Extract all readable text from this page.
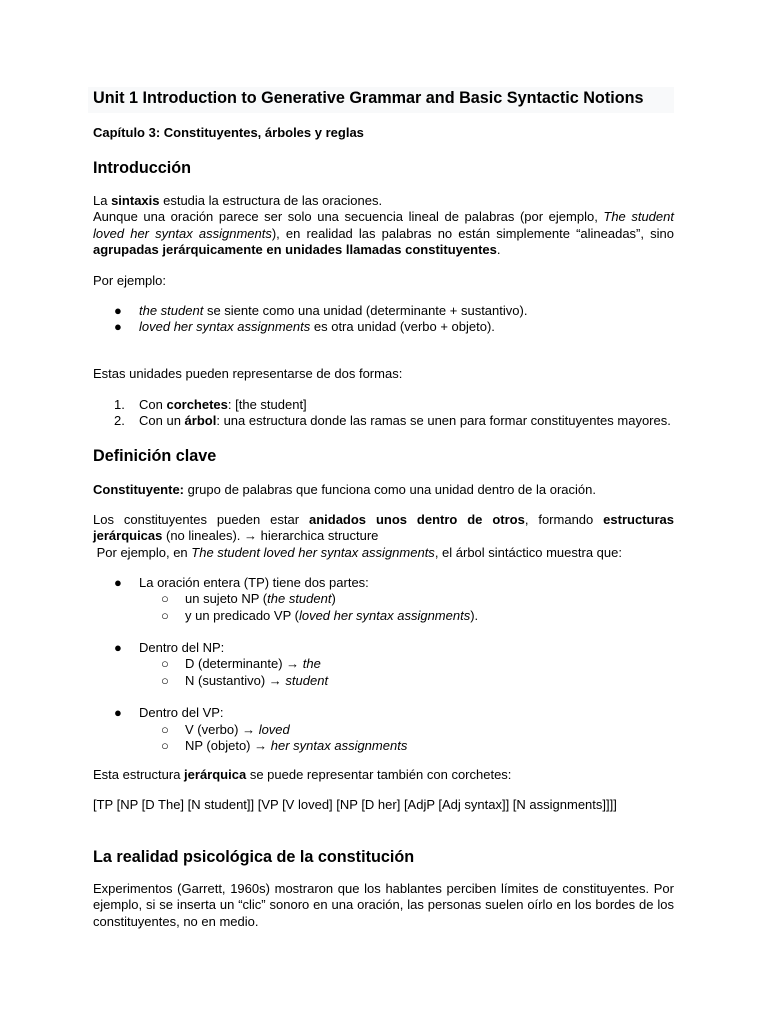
Unit 1 Introduction to Generative Grammar and Basic Syntactic Notions
Capítulo 3: Constituyentes, árboles y reglas
Introducción

La sintaxis estudia la estructura de las oraciones.

Aunque una oración parece ser solo una secuencia lineal de palabras (por ejemplo, The student

loved her syntax assignments), en realidad las palabras no están simplemente “alineadas”, sino

agrupadas jerárquicamente en unidades llamadas constituyentes.

Por ejemplo:
● the student se siente como una unidad (determinante + sustantivo).
● loved her syntax assignments es otra unidad (verbo + objeto).
Estas unidades pueden representarse de dos formas:
1. Con corchetes: [the student]
2. Con un árbol: una estructura donde las ramas se unen para formar constituyentes mayores.
Definición clave
Constituyente: grupo de palabras que funciona como una unidad dentro de la oración.

Los constituyentes pueden estar anidados unos dentro de otros, formando estructuras

jerárquicas (no lineales). → hierarchica structure

Por ejemplo, en The student loved her syntax assignments, el árbol sintáctico muestra que:

● La oración entera (TP) tiene dos partes:
○ un sujeto NP (the student)
○ y un predicado VP (loved her syntax assignments).
● Dentro del NP:
○ D (determinante) → the
○ N (sustantivo) → student
● Dentro del VP:
○ V (verbo) → loved
○ NP (objeto) → her syntax assignments
Esta estructura jerárquica se puede representar también con corchetes:
[TP [NP [D The] [N student]] [VP [V loved] [NP [D her] [AdjP [Adj syntax]] [N assignments]]]]
La realidad psicológica de la constitución

Experimentos (Garrett, 1960s) mostraron que los hablantes perciben límites de constituyentes. Por

ejemplo, si se inserta un “clic” sonoro en una oración, las personas suelen oírlo en los bordes de los

constituyentes, no en medio.
